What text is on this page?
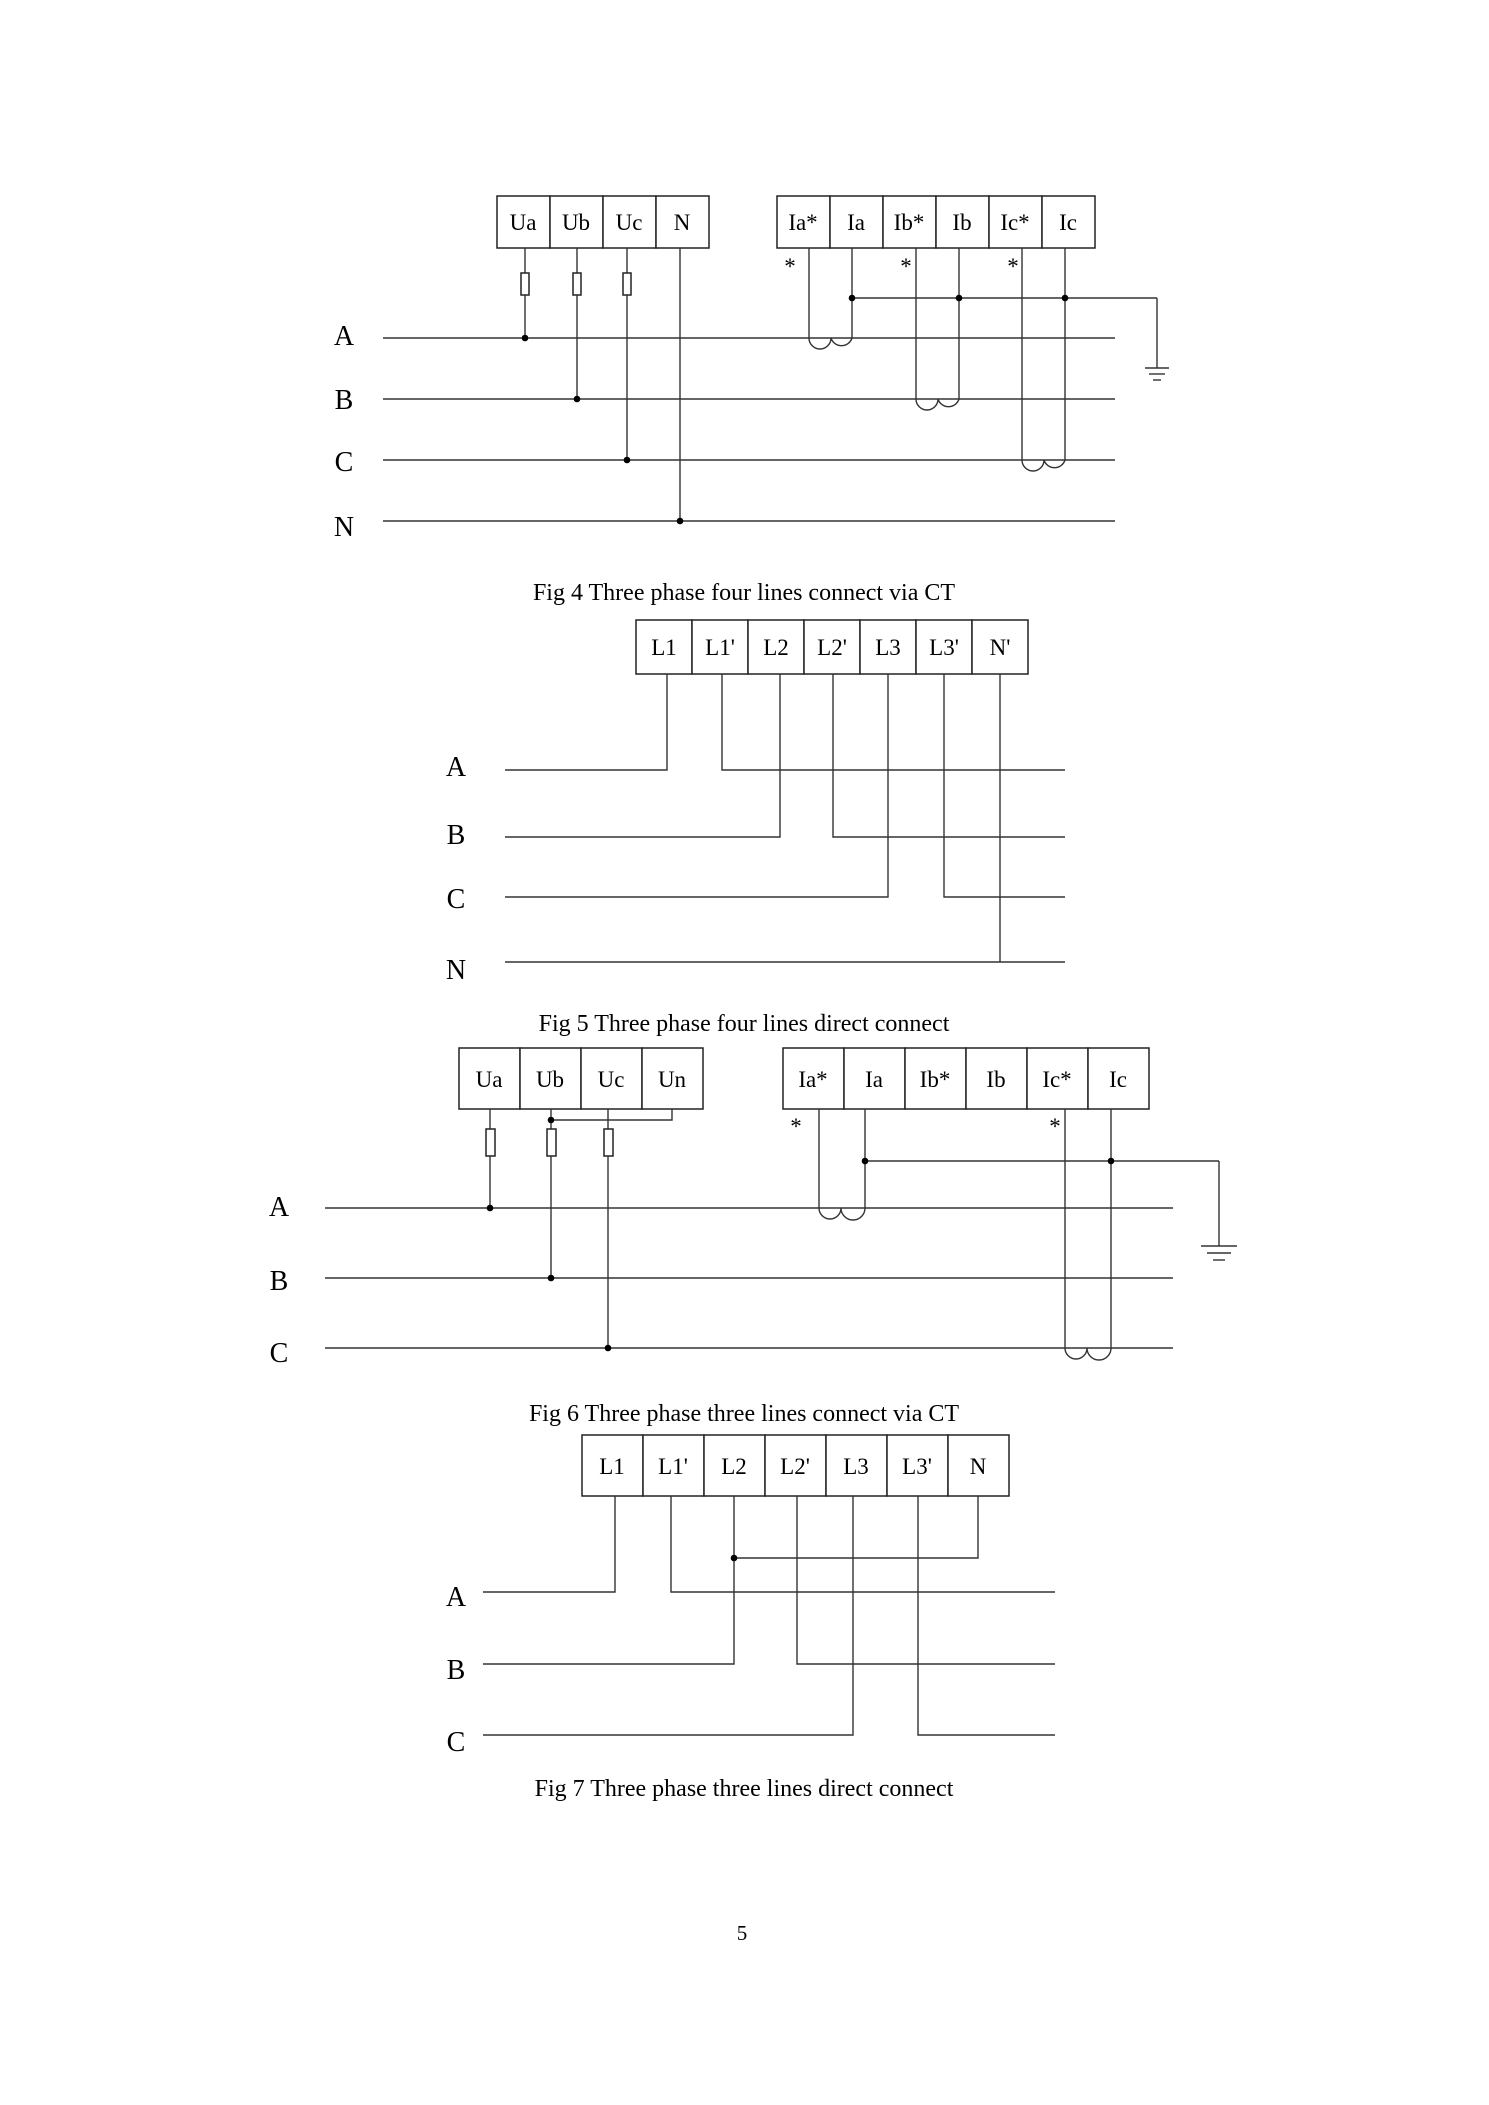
Ua Ub Uc N	Ia* Ia Ib* Ib Ic* Ic
A
B
C
N
*	*	*
Fig 4 Three phase four lines connect via CT
L1 L1' L2 L2' L3 L3' N'
A
B
C
N
Fig 5 Three phase four lines direct connect
Ua Ub Uc Un	Ia* Ia Ib* Ib Ic* Ic
A
B
C
*	*
Fig 6 Three phase three lines connect via CT
L1 L1' L2 L2' L3 L3' N
A
B
C
Fig 7 Three phase three lines direct connect
5
